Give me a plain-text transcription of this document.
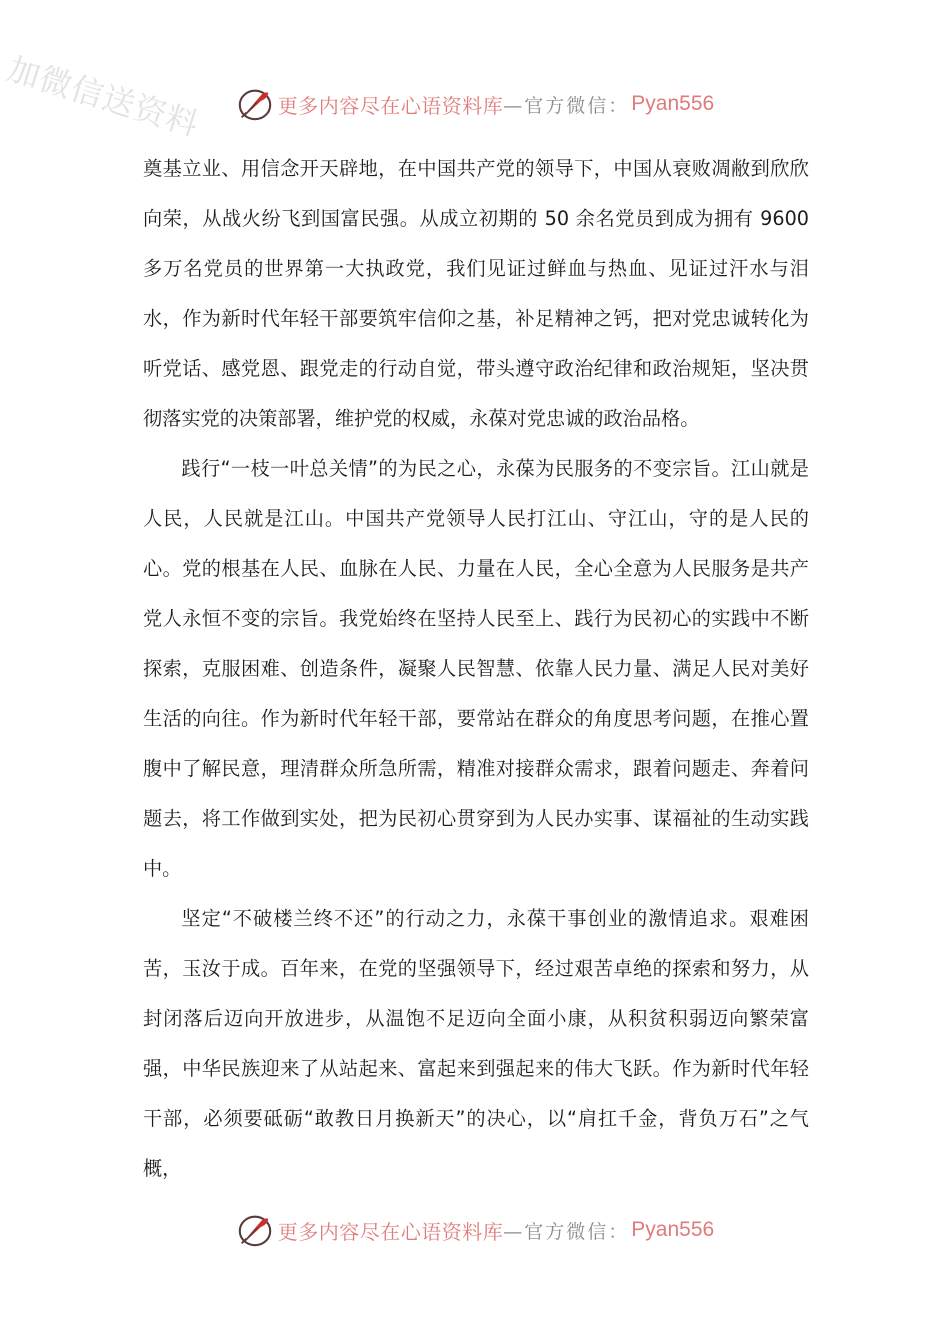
加微信送资料	更多内容尽在心语资料库 —官方微信： Pyan556

奠基立业、用信念开天辟地，在中国共产党的领导下，中国从衰败凋敝到欣欣向荣，从战火纷飞到国富民强。从成立初期的 50 余名党员到成为拥有 9600 多万名党员的世界第一大执政党，我们见证过鲜血与热血、见证过汗水与泪水，作为新时代年轻干部要筑牢信仰之基，补足精神之钙，把对党忠诚转化为听党话、感党恩、跟党走的行动自觉，带头遵守政治纪律和政治规矩，坚决贯彻落实党的决策部署，维护党的权威，永葆对党忠诚的政治品格。

践行“一枝一叶总关情”的为民之心，永葆为民服务的不变宗旨。江山就是人民，人民就是江山。中国共产党领导人民打江山、守江山，守的是人民的心。党的根基在人民、血脉在人民、力量在人民，全心全意为人民服务是共产党人永恒不变的宗旨。我党始终在坚持人民至上、践行为民初心的实践中不断探索，克服困难、创造条件，凝聚人民智慧、依靠人民力量、满足人民对美好生活的向往。作为新时代年轻干部，要常站在群众的角度思考问题，在推心置腹中了解民意，理清群众所急所需，精准对接群众需求，跟着问题走、奔着问题去，将工作做到实处，把为民初心贯穿到为人民办实事、谋福祉的生动实践中。

坚定“不破楼兰终不还”的行动之力，永葆干事创业的激情追求。艰难困苦，玉汝于成。百年来，在党的坚强领导下，经过艰苦卓绝的探索和努力，从封闭落后迈向开放进步，从温饱不足迈向全面小康，从积贫积弱迈向繁荣富强，中华民族迎来了从站起来、富起来到强起来的伟大飞跃。作为新时代年轻干部，必须要砥砺“敢教日月换新天”的决心，以“肩扛千金，背负万石”之气概，

更多内容尽在心语资料库 —官方微信： Pyan556
